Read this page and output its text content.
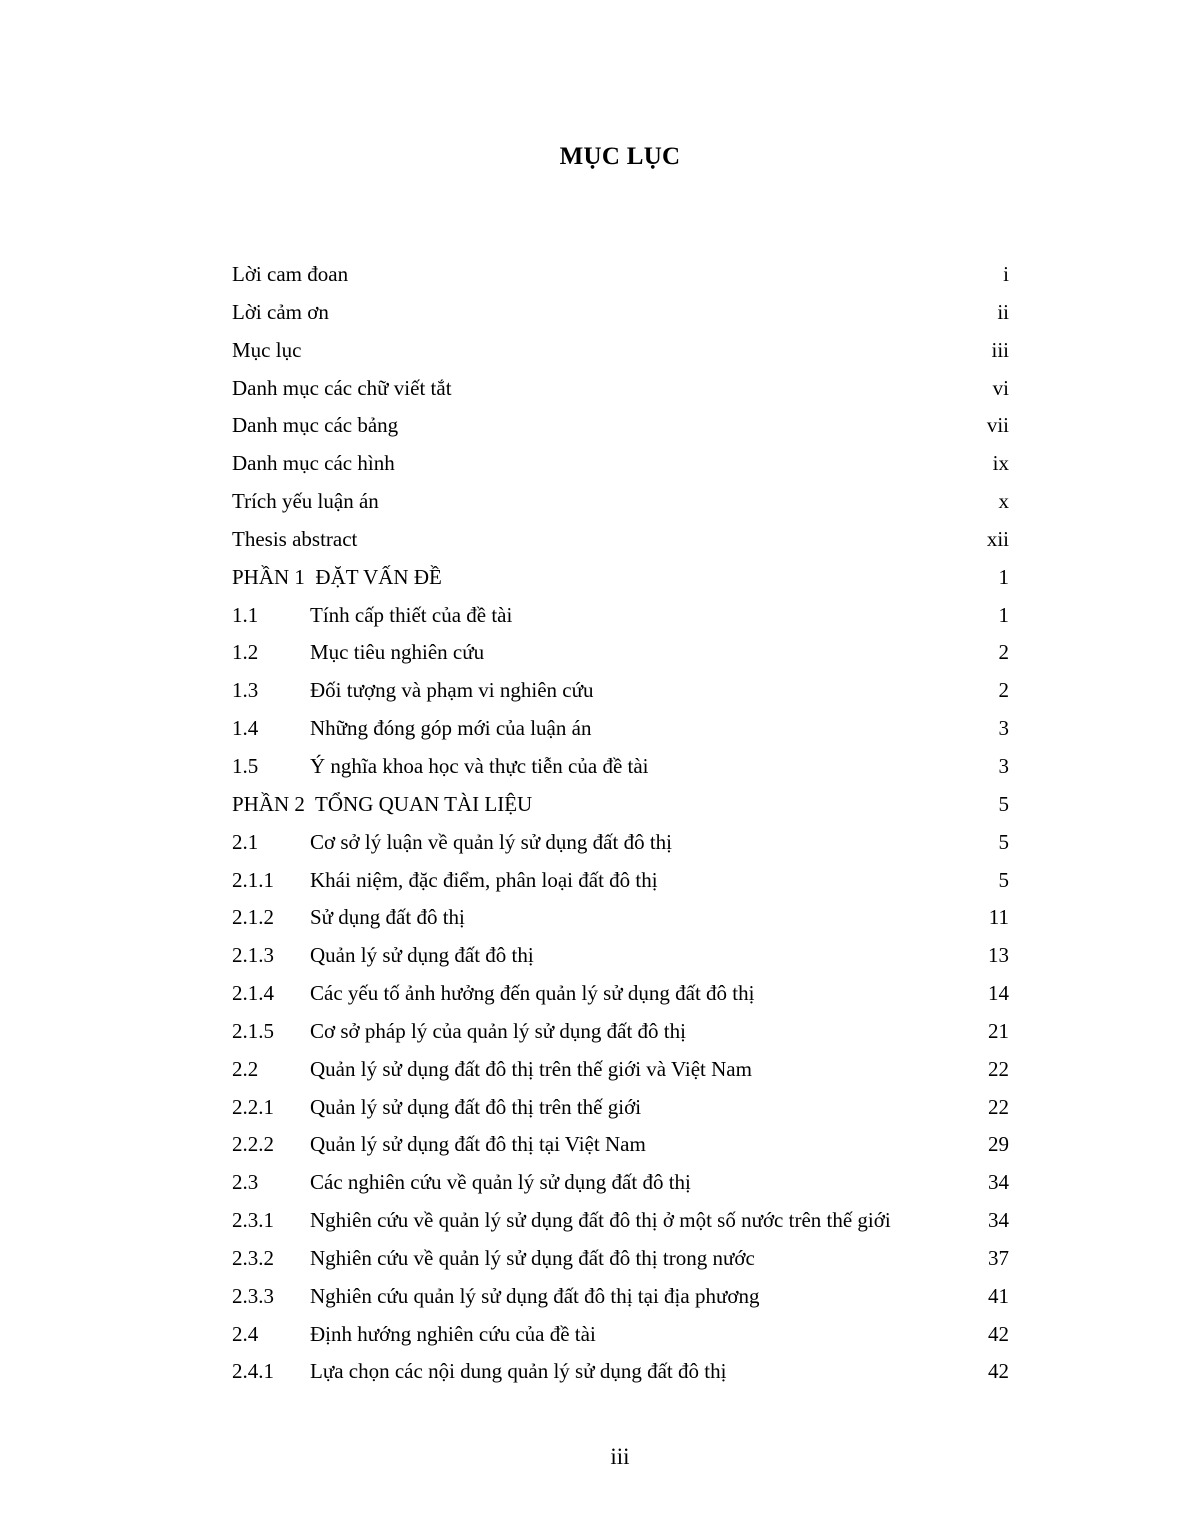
MỤC LỤC
Lời cam đoan	i
Lời cảm ơn	ii
Mục lục	iii
Danh mục các chữ viết tắt	vi
Danh mục các bảng	vii
Danh mục các hình	ix
Trích yếu luận án	x
Thesis abstract	xii
PHẦN 1  ĐẶT VẤN ĐỀ	1
1.1 Tính cấp thiết của đề tài	1
1.2 Mục tiêu nghiên cứu	2
1.3 Đối tượng và phạm vi nghiên cứu	2
1.4 Những đóng góp mới của luận án	3
1.5 Ý nghĩa khoa học và thực tiễn của đề tài	3
PHẦN 2  TỔNG QUAN TÀI LIỆU	5
2.1 Cơ sở lý luận về quản lý sử dụng đất đô thị	5
2.1.1 Khái niệm, đặc điểm, phân loại đất đô thị	5
2.1.2 Sử dụng đất đô thị	11
2.1.3 Quản lý sử dụng đất đô thị	13
2.1.4 Các yếu tố ảnh hưởng đến quản lý sử dụng đất đô thị	14
2.1.5 Cơ sở pháp lý của quản lý sử dụng đất đô thị	21
2.2 Quản lý sử dụng đất đô thị trên thế giới và Việt Nam	22
2.2.1 Quản lý sử dụng đất đô thị trên thế giới	22
2.2.2 Quản lý sử dụng đất đô thị tại Việt Nam	29
2.3 Các nghiên cứu về quản lý sử dụng đất đô thị	34
2.3.1 Nghiên cứu về quản lý sử dụng đất đô thị ở một số nước trên thế giới	34
2.3.2 Nghiên cứu về quản lý sử dụng đất đô thị trong nước	37
2.3.3 Nghiên cứu quản lý sử dụng đất đô thị tại địa phương	41
2.4 Định hướng nghiên cứu của đề tài	42
2.4.1 Lựa chọn các nội dung quản lý sử dụng đất đô thị	42
iii
